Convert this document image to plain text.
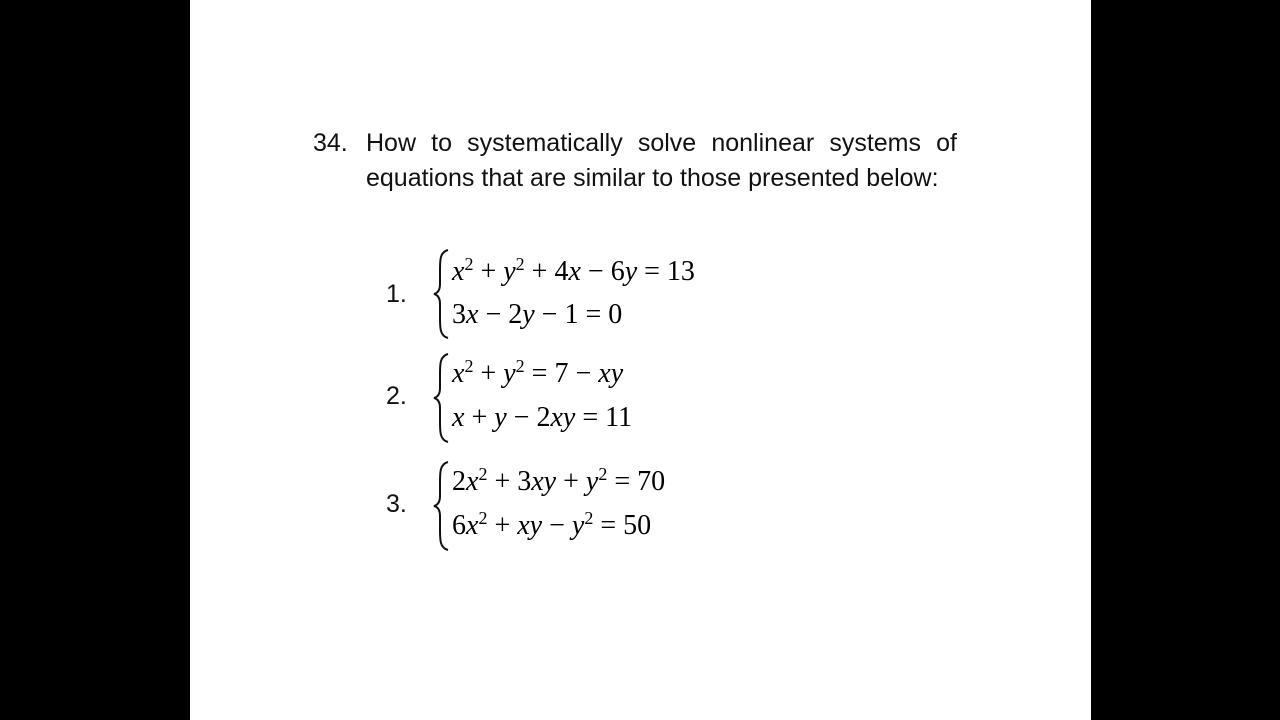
34. How to systematically solve nonlinear systems of equations that are similar to those presented below:
1.
$x^2 + y^2 + 4x - 6y = 13$
3x − 2y − 1 = 0
2.
$x^2 + y^2 = 7$ − xy
x + y − 2xy = 11
3.
$2x^2 + 3xy + y^2 = 70$
$6x^2$ + xy − $y^2 = 50$
